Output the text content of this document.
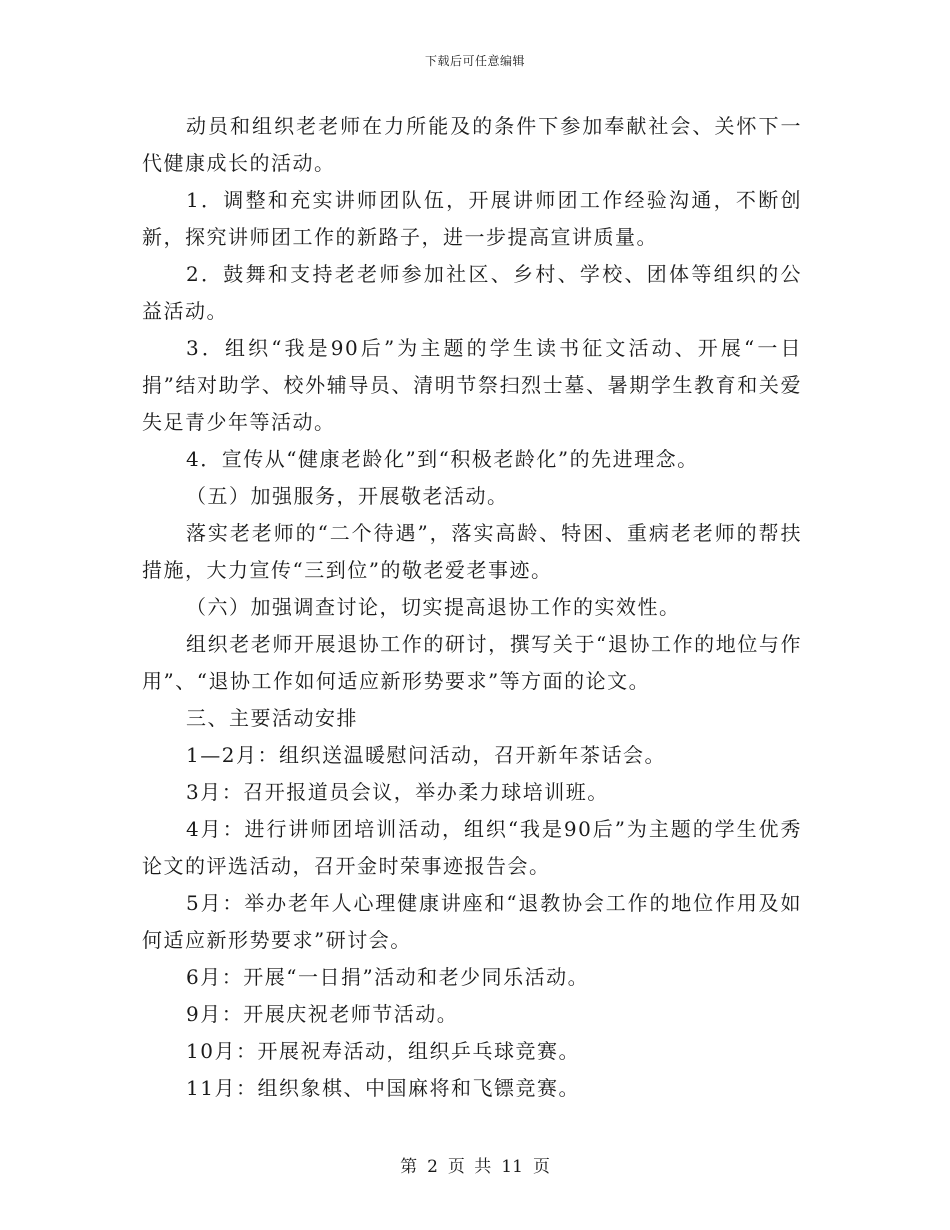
下载后可任意编辑

动员和组织老老师在力所能及的条件下参加奉献社会、关怀下一代健康成长的活动。

1．调整和充实讲师团队伍，开展讲师团工作经验沟通，不断创新，探究讲师团工作的新路子，进一步提高宣讲质量。

2．鼓舞和支持老老师参加社区、乡村、学校、团体等组织的公益活动。

3．组织“我是90后”为主题的学生读书征文活动、开展“一日捐”结对助学、校外辅导员、清明节祭扫烈士墓、暑期学生教育和关爱失足青少年等活动。

4．宣传从“健康老龄化”到“积极老龄化”的先进理念。

（五）加强服务，开展敬老活动。

落实老老师的“二个待遇”，落实高龄、特困、重病老老师的帮扶措施，大力宣传“三到位”的敬老爱老事迹。

（六）加强调查讨论，切实提高退协工作的实效性。

组织老老师开展退协工作的研讨，撰写关于“退协工作的地位与作用”、“退协工作如何适应新形势要求”等方面的论文。

三、主要活动安排

1—2月：组织送温暖慰问活动，召开新年茶话会。

3月：召开报道员会议，举办柔力球培训班。

4月：进行讲师团培训活动，组织“我是90后”为主题的学生优秀论文的评选活动，召开金时荣事迹报告会。

5月：举办老年人心理健康讲座和“退教协会工作的地位作用及如何适应新形势要求”研讨会。

6月：开展“一日捐”活动和老少同乐活动。

9月：开展庆祝老师节活动。

10月：开展祝寿活动，组织乒乓球竞赛。

11月：组织象棋、中国麻将和飞镖竞赛。

第 2 页 共 11 页
